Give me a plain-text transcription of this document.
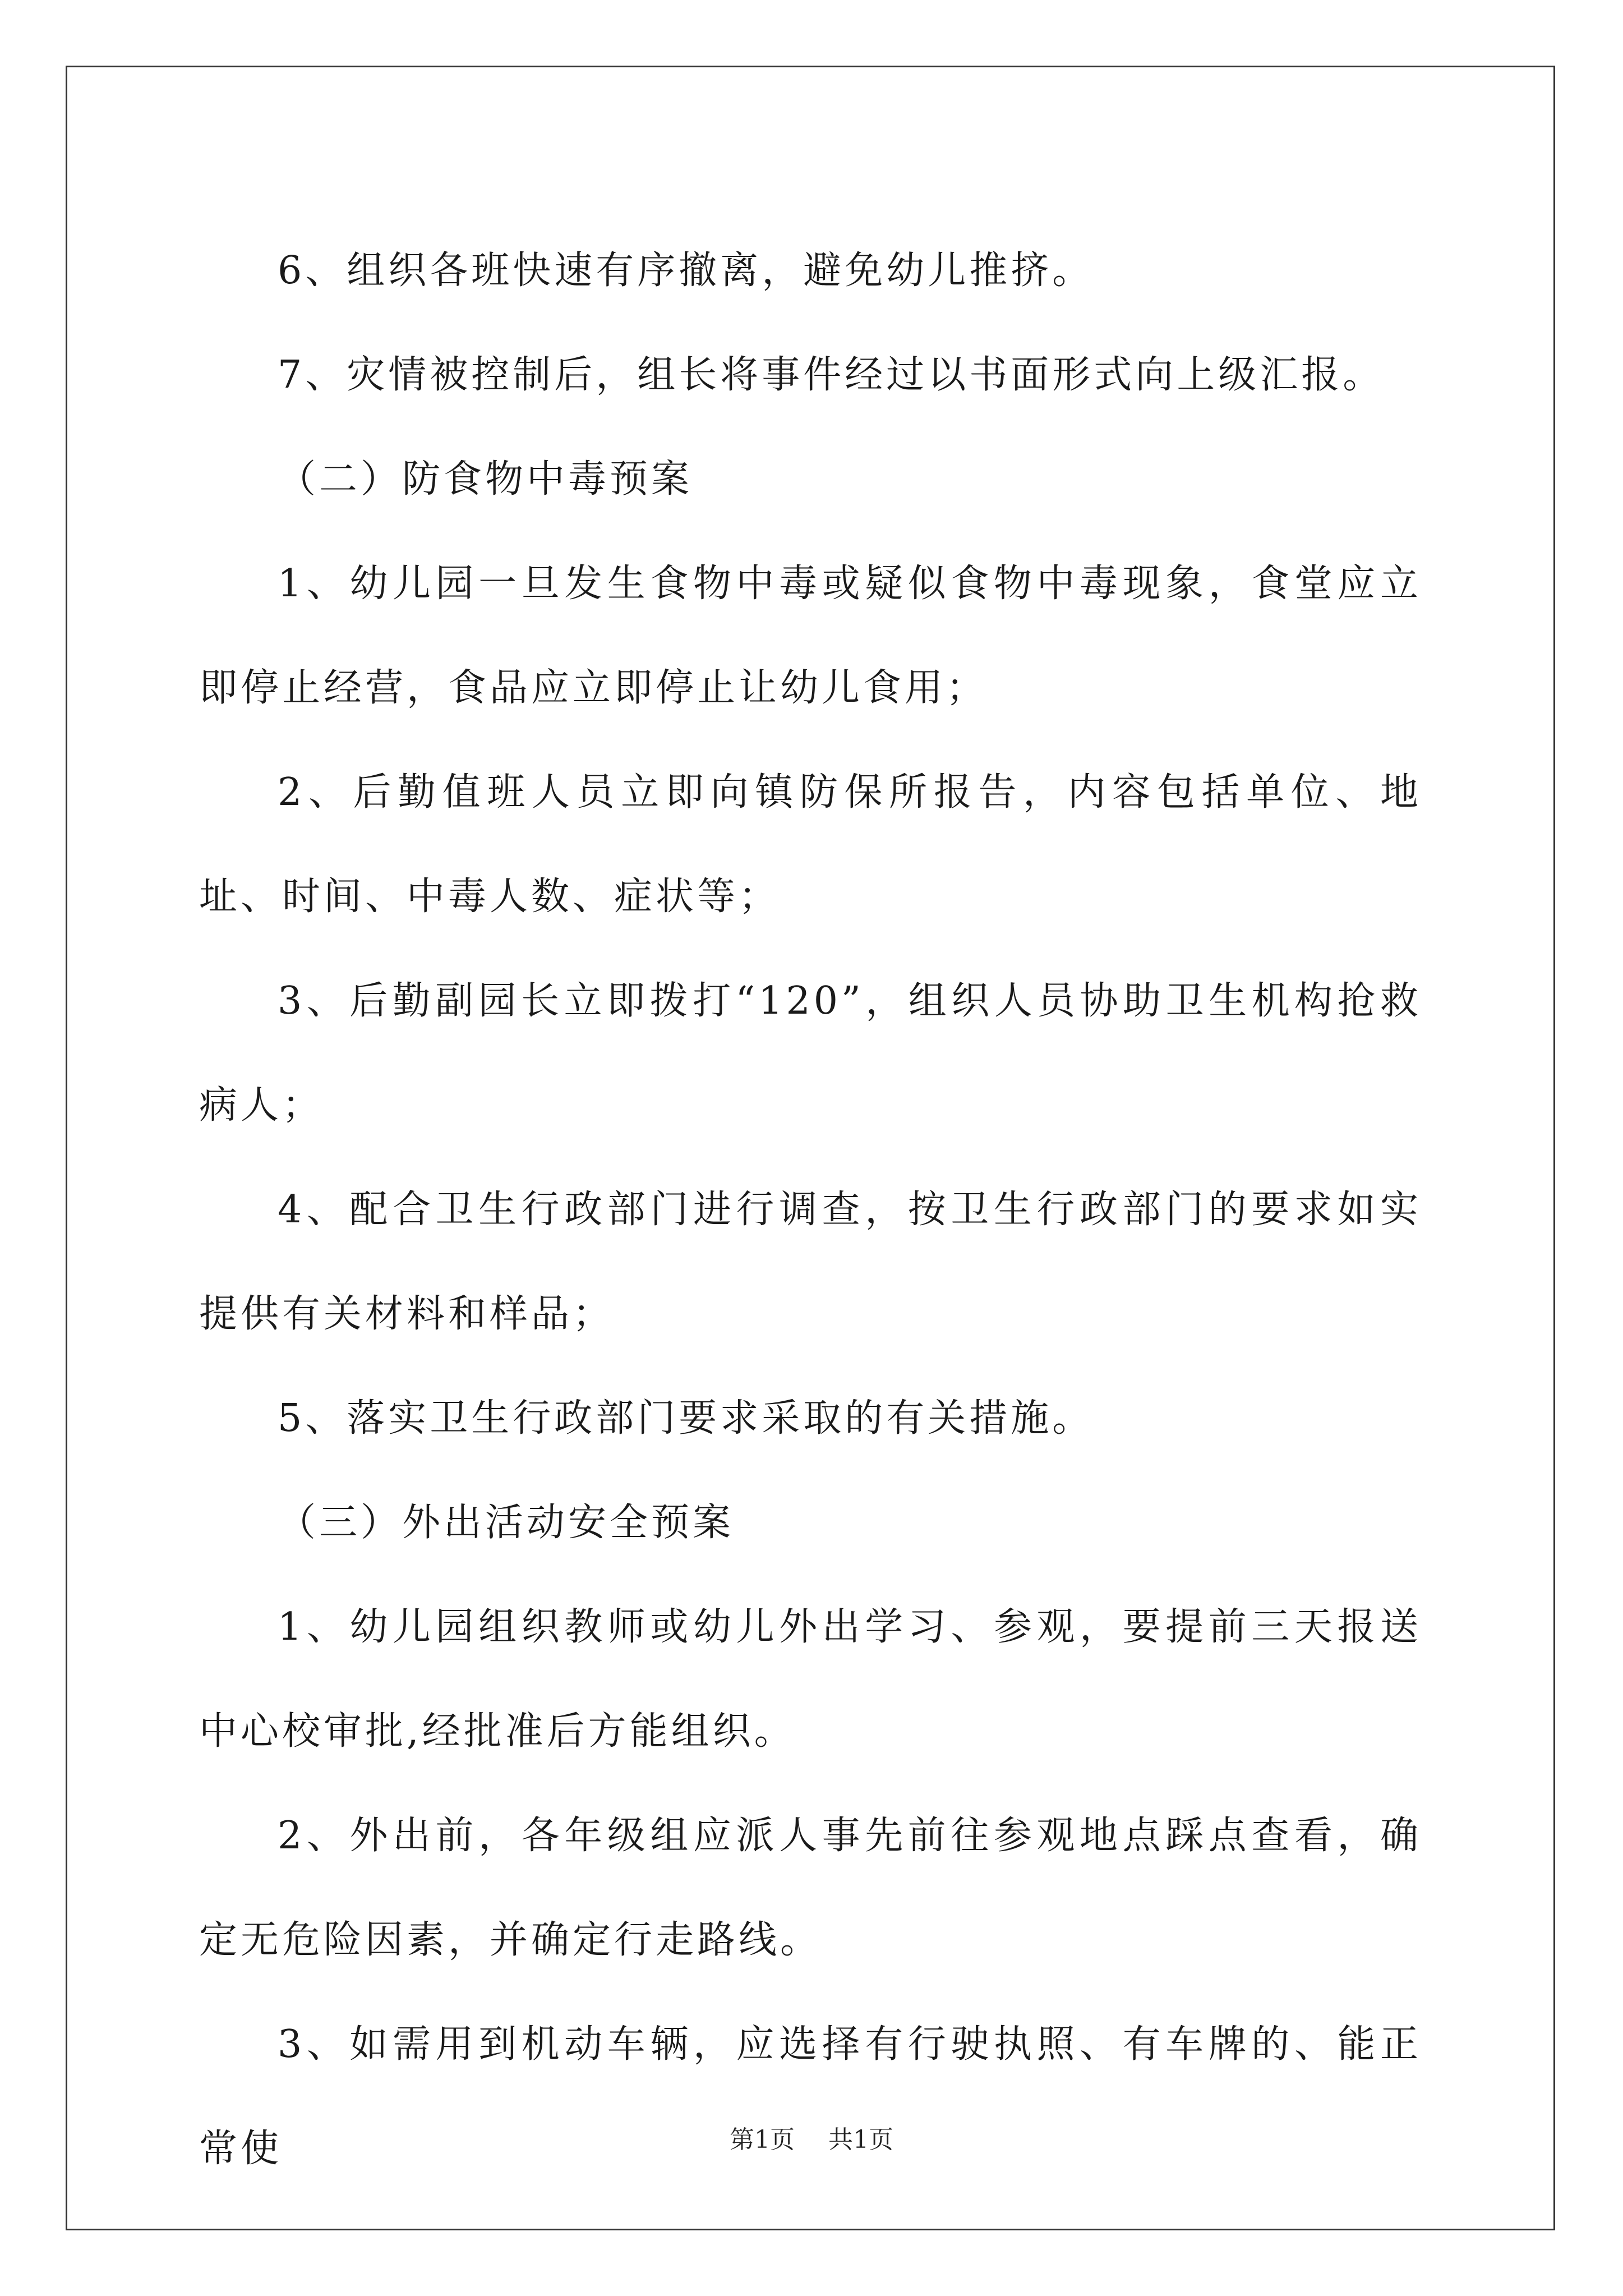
6、组织各班快速有序撤离，避免幼儿推挤。

7、灾情被控制后，组长将事件经过以书面形式向上级汇报。

（二）防食物中毒预案

1、幼儿园一旦发生食物中毒或疑似食物中毒现象，食堂应立即停止经营，食品应立即停止让幼儿食用；

2、后勤值班人员立即向镇防保所报告，内容包括单位、地址、时间、中毒人数、症状等；

3、后勤副园长立即拨打“120”，组织人员协助卫生机构抢救病人；

4、配合卫生行政部门进行调查，按卫生行政部门的要求如实提供有关材料和样品；

5、落实卫生行政部门要求采取的有关措施。

（三）外出活动安全预案

1、幼儿园组织教师或幼儿外出学习、参观，要提前三天报送中心校审批,经批准后方能组织。

2、外出前，各年级组应派人事先前往参观地点踩点查看，确定无危险因素，并确定行走路线。

3、如需用到机动车辆，应选择有行驶执照、有车牌的、能正常使	第1页 共1页
